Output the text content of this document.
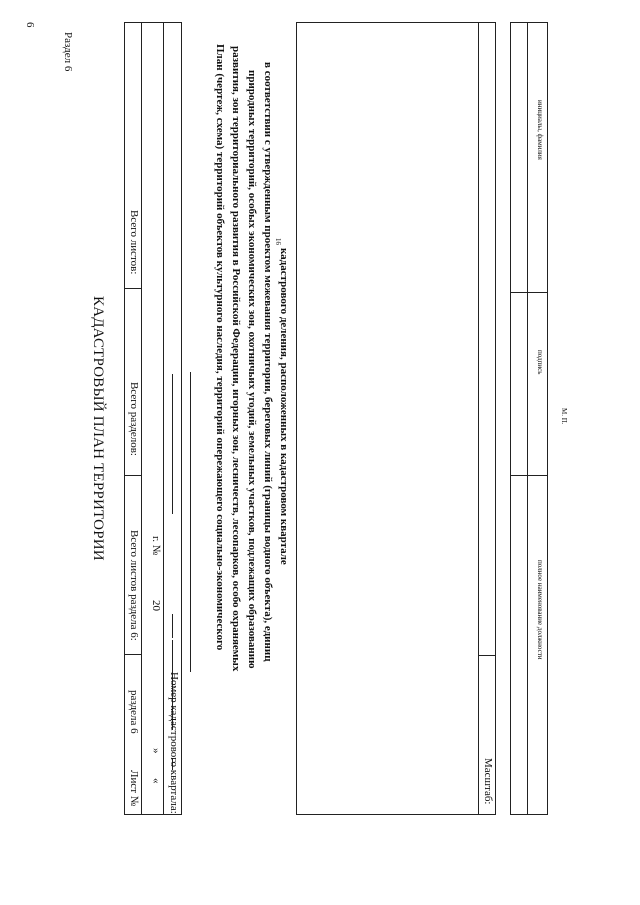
6
Раздел 6
КАДАСТРОВЫЙ ПЛАН ТЕРРИТОРИИ
Всего листов:
Всего разделов:
Всего листов раздела 6:
раздела 6
Лист №
г. №
20
»
« Номер кадастрового квартала:
План (чертеж, схема) территорий объектов культурного наследия, территорий опережающего социально-экономического развития, зон территориального развития в Российской Федерации, игорных зон, лесничеств, лесопарков, особо охраняемых природных территорий, особых экономических зон, охотничьих угодий, земельных участков, подлежащих образованию в соответствии с утвержденным проектом межевания территории, береговых линий (границы водного объекта), единиц кадастрового деления, расположенных в кадастровом квартале
16
Масштаб:
инициалы, фамилия
подпись
полное наименование должности
М. П.
